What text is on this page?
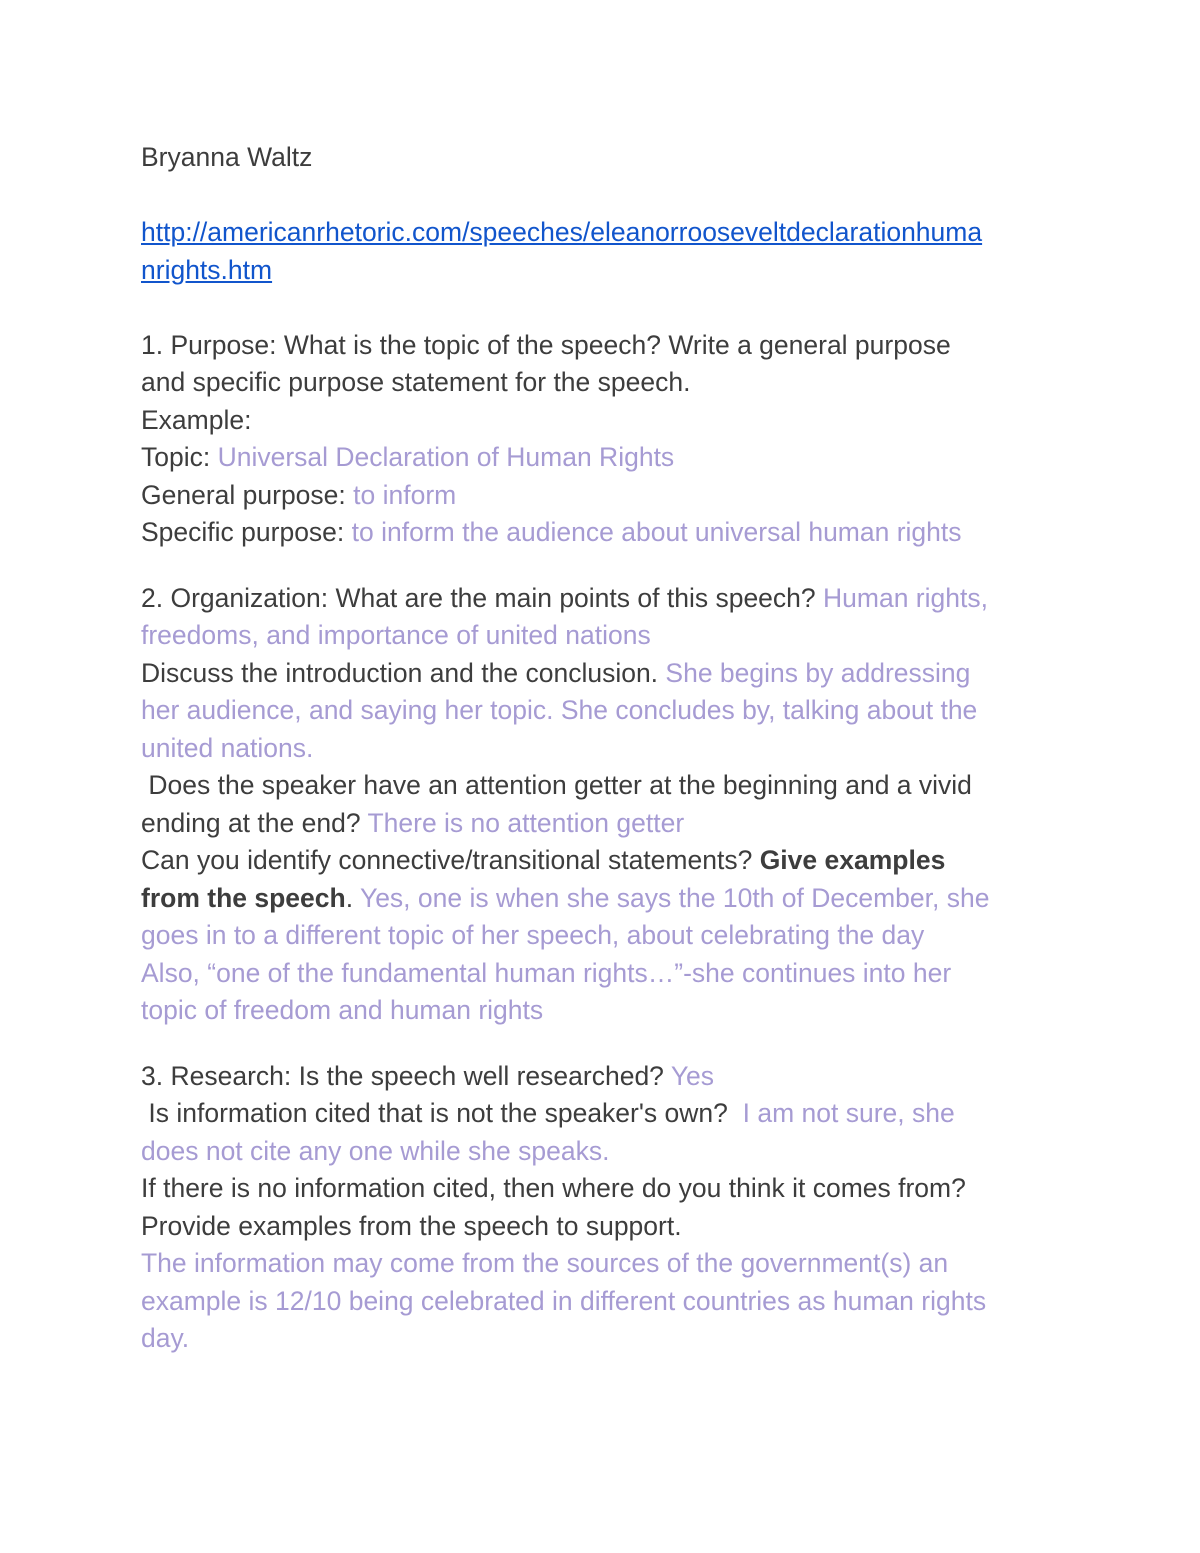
Bryanna Waltz
http://americanrhetoric.com/speeches/eleanorrooseveltdeclarationhuma
nrights.htm
1. Purpose: What is the topic of the speech? Write a general purpose
and specific purpose statement for the speech.
Example:
Topic: Universal Declaration of Human Rights
General purpose: to inform
Specific purpose: to inform the audience about universal human rights
2. Organization: What are the main points of this speech? Human rights,
freedoms, and importance of united nations
Discuss the introduction and the conclusion. She begins by addressing
her audience, and saying her topic. She concludes by, talking about the
united nations.
Does the speaker have an attention getter at the beginning and a vivid
ending at the end? There is no attention getter
Can you identify connective/transitional statements? Give examples
from the speech. Yes, one is when she says the 10th of December, she
goes in to a different topic of her speech, about celebrating the day
Also, “one of the fundamental human rights…”-she continues into her
topic of freedom and human rights
3. Research: Is the speech well researched? Yes
Is information cited that is not the speaker's own?  I am not sure, she
does not cite any one while she speaks.
If there is no information cited, then where do you think it comes from?
Provide examples from the speech to support.
The information may come from the sources of the government(s) an
example is 12/10 being celebrated in different countries as human rights
day.
